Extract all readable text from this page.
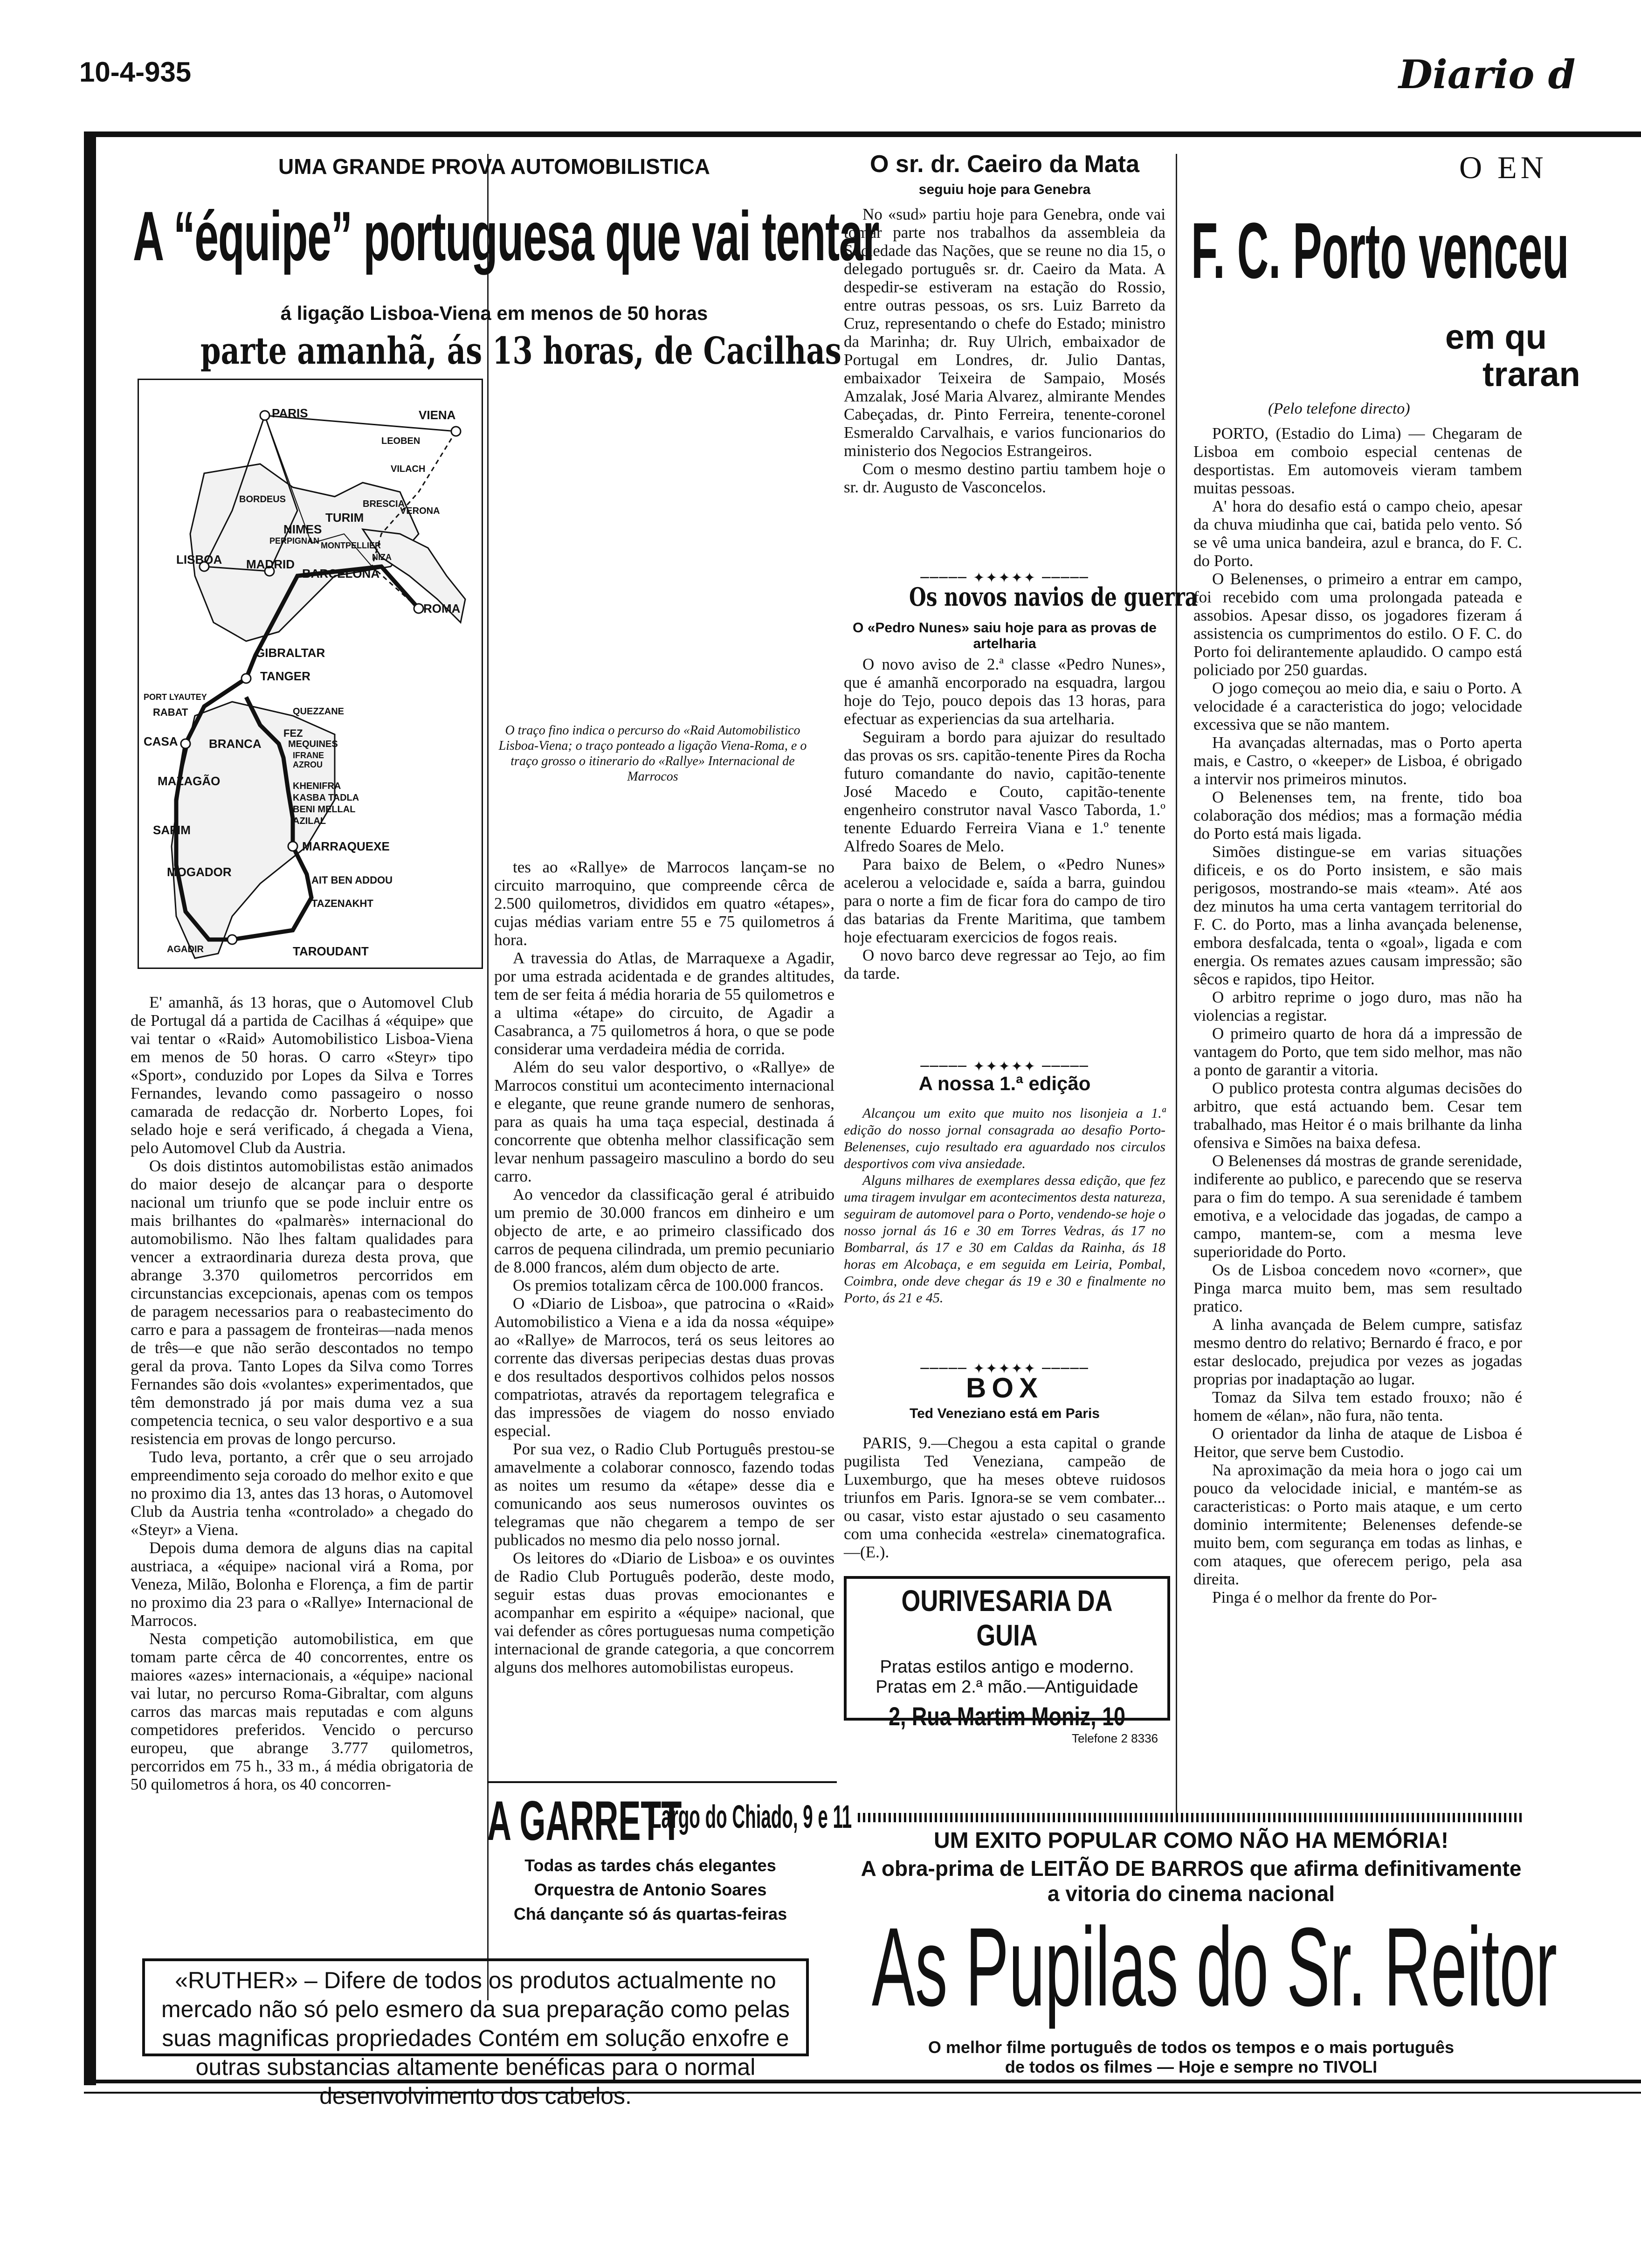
10-4-935	Diario d
UMA GRANDE PROVA AUTOMOBILISTICA
A “équipe” portuguesa que vai tentar
á ligação Lisboa-Viena em menos de 50 horas
parte amanhã, ás 13 horas, de Cacilhas
PARIS	VIENA
LEOBEN
VILACH
BRESCIA
VERONA
TURIM
NIMES
PERPIGNAN MONTPELLIER
NIZA
BORDEUS
LISBOA MADRID
BARCELONA
ROMA
GIBRALTAR
TANGER
PORT LYAUTEY
RABAT
CASA
QUEZZANE
FEZ
MEQUINES
IFRANE
AZROU
BRANCA
MAZAGÃO	KHENIFRA
KASBA TADLA
BENI MELLAL
AZILAL
SAFIM
MARRAQUEXE
MOGADOR
AIT BEN ADDOU
TAZENAKHT
AGADIR	TAROUDANT
O traço fino indica o percurso do «Raid Automobilistico Lisboa-Viena; o traço ponteado a ligação Viena-Roma, e o traço grosso o itinerario do «Rallye» Internacional de Marrocos

E' amanhã, ás 13 horas, que o Automovel Club de Portugal dá a partida de Cacilhas á «équipe» que vai tentar o «Raid» Automobilistico Lisboa-Viena em menos de 50 horas. O carro «Steyr» tipo «Sport», conduzido por Lopes da Silva e Torres Fernandes, levando como passageiro o nosso camarada de redacção dr. Norberto Lopes, foi selado hoje e será verificado, á chegada a Viena, pelo Automovel Club da Austria.

Os dois distintos automobilistas estão animados do maior desejo de alcançar para o desporte nacional um triunfo que se pode incluir entre os mais brilhantes do «palmarès» internacional do automobilismo. Não lhes faltam qualidades para vencer a extraordinaria dureza desta prova, que abrange 3.370 quilometros percorridos em circunstancias excepcionais, apenas com os tempos de paragem necessarios para o reabastecimento do carro e para a passagem de fronteiras—nada menos de três—e que não serão descontados no tempo geral da prova. Tanto Lopes da Silva como Torres Fernandes são dois «volantes» experimentados, que têm demonstrado já por mais duma vez a sua competencia tecnica, o seu valor desportivo e a sua resistencia em provas de longo percurso.

Tudo leva, portanto, a crêr que o seu arrojado empreendimento seja coroado do melhor exito e que no proximo dia 13, antes das 13 horas, o Automovel Club da Austria tenha «controlado» a chegado do «Steyr» a Viena.

Depois duma demora de alguns dias na capital austriaca, a «équipe» nacional virá a Roma, por Veneza, Milão, Bolonha e Florença, a fim de partir no proximo dia 23 para o «Rallye» Internacional de Marrocos.

Nesta competição automobilistica, em que tomam parte cêrca de 40 concorrentes, entre os maiores «azes» internacionais, a «équipe» nacional vai lutar, no percurso Roma-Gibraltar, com alguns carros das marcas mais reputadas e com alguns competidores preferidos. Vencido o percurso europeu, que abrange 3.777 quilometros, percorridos em 75 h., 33 m., á média obrigatoria de 50 quilometros á hora, os 40 concorren-

tes ao «Rallye» de Marrocos lançam-se no circuito marroquino, que compreende cêrca de 2.500 quilometros, divididos em quatro «étapes», cujas médias variam entre 55 e 75 quilometros á hora.

A travessia do Atlas, de Marraquexe a Agadir, por uma estrada acidentada e de grandes altitudes, tem de ser feita á média horaria de 55 quilometros e a ultima «étape» do circuito, de Agadir a Casabranca, a 75 quilometros á hora, o que se pode considerar uma verdadeira média de corrida.

Além do seu valor desportivo, o «Rallye» de Marrocos constitui um acontecimento internacional e elegante, que reune grande numero de senhoras, para as quais ha uma taça especial, destinada á concorrente que obtenha melhor classificação sem levar nenhum passageiro masculino a bordo do seu carro.

Ao vencedor da classificação geral é atribuido um premio de 30.000 francos em dinheiro e um objecto de arte, e ao primeiro classificado dos carros de pequena cilindrada, um premio pecuniario de 8.000 francos, além dum objecto de arte.

Os premios totalizam cêrca de 100.000 francos.

O «Diario de Lisboa», que patrocina o «Raid» Automobilistico a Viena e a ida da nossa «équipe» ao «Rallye» de Marrocos, terá os seus leitores ao corrente das diversas peripecias destas duas provas e dos resultados desportivos colhidos pelos nossos compatriotas, através da reportagem telegrafica e das impressões de viagem do nosso enviado especial.

Por sua vez, o Radio Club Português prestou-se amavelmente a colaborar connosco, fazendo todas as noites um resumo da «étape» desse dia e comunicando aos seus numerosos ouvintes os telegramas que não chegarem a tempo de ser publicados no mesmo dia pelo nosso jornal.

Os leitores do «Diario de Lisboa» e os ouvintes de Radio Club Português poderão, deste modo, seguir estas duas provas emocionantes e acompanhar em espirito a «équipe» nacional, que vai defender as côres portuguesas numa competição internacional de grande categoria, a que concorrem alguns dos melhores automobilistas europeus.

A GARRETT
Largo do Chiado, 9 e 11
Todas as tardes chás elegantes
Orquestra de Antonio Soares
Chá dançante só ás quartas-feiras
«RUTHER» – Difere de todos os produtos actualmente no mercado não só pelo esmero da sua preparação como pelas suas magnificas propriedades Contém em solução enxofre e outras substancias altamente benéficas para o normal desenvolvimento dos cabelos.
O sr. dr. Caeiro da Mata
seguiu hoje para Genebra

No «sud» partiu hoje para Genebra, onde vai tomar parte nos trabalhos da assembleia da Sociedade das Nações, que se reune no dia 15, o delegado português sr. dr. Caeiro da Mata. A despedir-se estiveram na estação do Rossio, entre outras pessoas, os srs. Luiz Barreto da Cruz, representando o chefe do Estado; ministro da Marinha; dr. Ruy Ulrich, embaixador de Portugal em Londres, dr. Julio Dantas, embaixador Teixeira de Sampaio, Mosés Amzalak, José Maria Alvarez, almirante Mendes Cabeçadas, dr. Pinto Ferreira, tenente-coronel Esmeraldo Carvalhais, e varios funcionarios do ministerio dos Negocios Estrangeiros.

Com o mesmo destino partiu tambem hoje o sr. dr. Augusto de Vasconcelos.

───── ✦✦✦✦✦ ─────
Os novos navios de guerra
O «Pedro Nunes» saiu hoje para as provas de artelharia

O novo aviso de 2.ª classe «Pedro Nunes», que é amanhã encorporado na esquadra, largou hoje do Tejo, pouco depois das 13 horas, para efectuar as experiencias da sua artelharia.

Seguiram a bordo para ajuizar do resultado das provas os srs. capitão-tenente Pires da Rocha futuro comandante do navio, capitão-tenente José Macedo e Couto, capitão-tenente engenheiro construtor naval Vasco Taborda, 1.º tenente Eduardo Ferreira Viana e 1.º tenente Alfredo Soares de Melo.

Para baixo de Belem, o «Pedro Nunes» acelerou a velocidade e, saída a barra, guindou para o norte a fim de ficar fora do campo de tiro das batarias da Frente Maritima, que tambem hoje efectuaram exercicios de fogos reais.

O novo barco deve regressar ao Tejo, ao fim da tarde.

───── ✦✦✦✦✦ ─────
A nossa 1.ª edição

Alcançou um exito que muito nos lisonjeia a 1.ª edição do nosso jornal consagrada ao desafio Porto-Belenenses, cujo resultado era aguardado nos circulos desportivos com viva ansiedade.

Alguns milhares de exemplares dessa edição, que fez uma tiragem invulgar em acontecimentos desta natureza, seguiram de automovel para o Porto, vendendo-se hoje o nosso jornal ás 16 e 30 em Torres Vedras, ás 17 no Bombarral, ás 17 e 30 em Caldas da Rainha, ás 18 horas em Alcobaça, e em seguida em Leiria, Pombal, Coimbra, onde deve chegar ás 19 e 30 e finalmente no Porto, ás 21 e 45.

───── ✦✦✦✦✦ ─────
BOX
Ted Veneziano está em Paris

PARIS, 9.—Chegou a esta capital o grande pugilista Ted Veneziana, campeão de Luxemburgo, que ha meses obteve ruidosos triunfos em Paris. Ignora-se se vem combater... ou casar, visto estar ajustado o seu casamento com uma conhecida «estrela» cinematografica.—(E.).

OURIVESARIA DA GUIA
Pratas estilos antigo e moderno.
Pratas em 2.ª mão.—Antiguidade
2, Rua Martim Moniz, 10
Telefone 2 8336
O EN
F. C. Porto venceu
em qu
traran
(Pelo telefone directo)

PORTO, (Estadio do Lima) — Chegaram de Lisboa em comboio especial centenas de desportistas. Em automoveis vieram tambem muitas pessoas.

A' hora do desafio está o campo cheio, apesar da chuva miudinha que cai, batida pelo vento. Só se vê uma unica bandeira, azul e branca, do F. C. do Porto.

O Belenenses, o primeiro a entrar em campo, foi recebido com uma prolongada pateada e assobios. Apesar disso, os jogadores fizeram á assistencia os cumprimentos do estilo. O F. C. do Porto foi delirantemente aplaudido. O campo está policiado por 250 guardas.

O jogo começou ao meio dia, e saiu o Porto. A velocidade é a caracteristica do jogo; velocidade excessiva que se não mantem.

Ha avançadas alternadas, mas o Porto aperta mais, e Castro, o «keeper» de Lisboa, é obrigado a intervir nos primeiros minutos.

O Belenenses tem, na frente, tido boa colaboração dos médios; mas a formação média do Porto está mais ligada.

Simões distingue-se em varias situações dificeis, e os do Porto insistem, e são mais perigosos, mostrando-se mais «team». Até aos dez minutos ha uma certa vantagem territorial do F. C. do Porto, mas a linha avançada belenense, embora desfalcada, tenta o «goal», ligada e com energia. Os remates azues causam impressão; são sêcos e rapidos, tipo Heitor.

O arbitro reprime o jogo duro, mas não ha violencias a registar.

O primeiro quarto de hora dá a impressão de vantagem do Porto, que tem sido melhor, mas não a ponto de garantir a vitoria.

O publico protesta contra algumas decisões do arbitro, que está actuando bem. Cesar tem trabalhado, mas Heitor é o mais brilhante da linha ofensiva e Simões na baixa defesa.

O Belenenses dá mostras de grande serenidade, indiferente ao publico, e parecendo que se reserva para o fim do tempo. A sua serenidade é tambem emotiva, e a velocidade das jogadas, de campo a campo, mantem-se, com a mesma leve superioridade do Porto.

Os de Lisboa concedem novo «corner», que Pinga marca muito bem, mas sem resultado pratico.

A linha avançada de Belem cumpre, satisfaz mesmo dentro do relativo; Bernardo é fraco, e por estar deslocado, prejudica por vezes as jogadas proprias por inadaptação ao lugar.

Tomaz da Silva tem estado frouxo; não é homem de «élan», não fura, não tenta.

O orientador da linha de ataque de Lisboa é Heitor, que serve bem Custodio.

Na aproximação da meia hora o jogo cai um pouco da velocidade inicial, e mantém-se as caracteristicas: o Porto mais ataque, e um certo dominio intermitente; Belenenses defende-se muito bem, com segurança em todas as linhas, e com ataques, que oferecem perigo, pela asa direita.

Pinga é o melhor da frente do Por-

UM EXITO POPULAR COMO NÃO HA MEMÓRIA!
A obra-prima de LEITÃO DE BARROS que afirma definitivamente
a vitoria do cinema nacional
As Pupilas do Sr. Reitor
O melhor filme português de todos os tempos e o mais português
de todos os filmes — Hoje e sempre no TIVOLI
